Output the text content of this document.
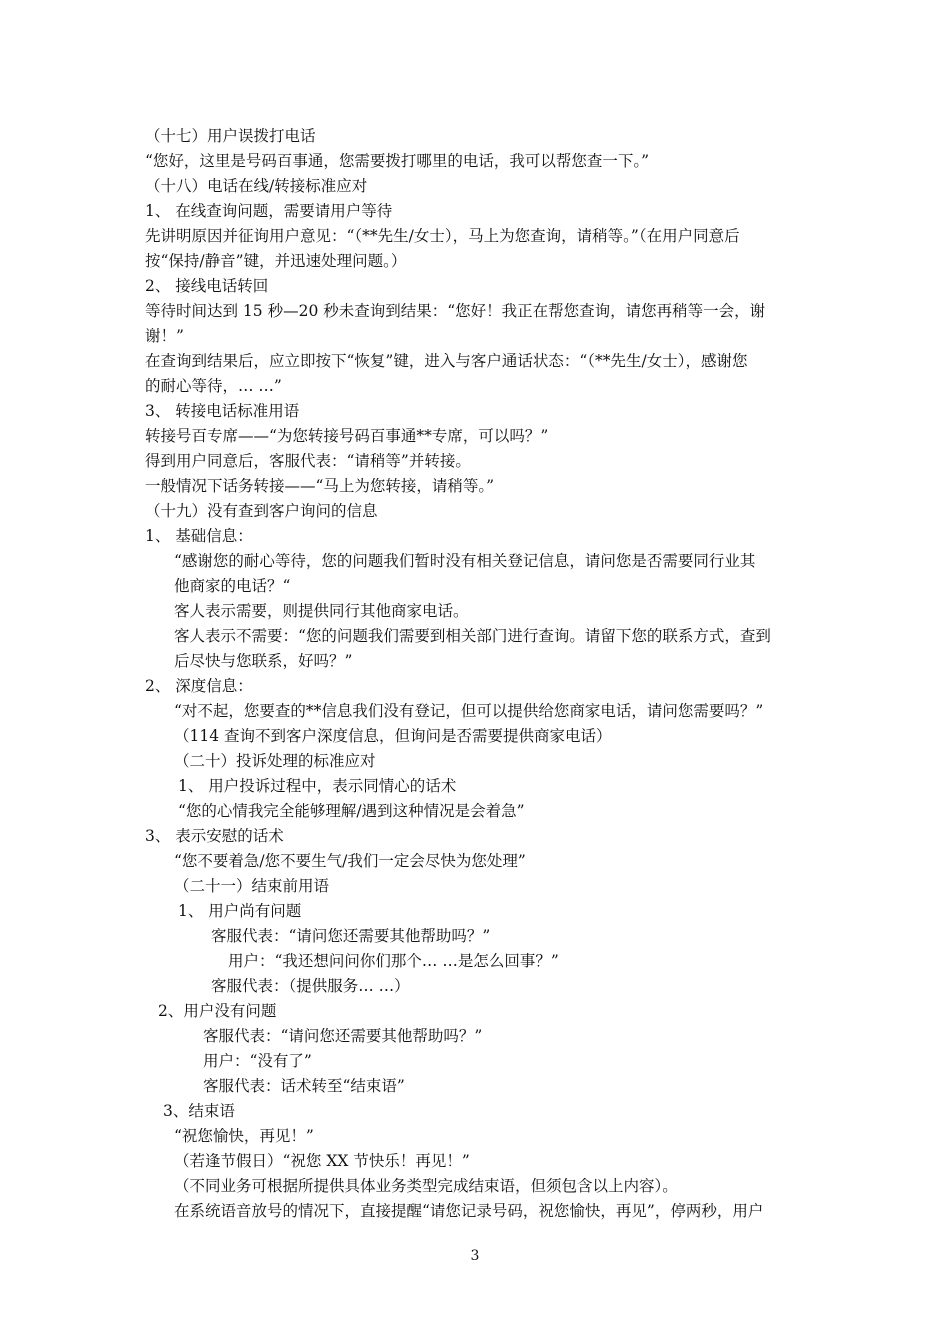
（十七）用户误拨打电话
“您好，这里是号码百事通，您需要拨打哪里的电话，我可以帮您查一下。”
（十八）电话在线/转接标准应对
1、 在线查询问题，需要请用户等待
先讲明原因并征询用户意见：“（**先生/女士），马上为您查询，请稍等。”（在用户同意后
按“保持/静音”键，并迅速处理问题。）
2、 接线电话转回
等待时间达到 15 秒—20 秒未查询到结果：“您好！我正在帮您查询，请您再稍等一会，谢
谢！”
在查询到结果后，应立即按下“恢复”键，进入与客户通话状态：“（**先生/女士），感谢您
的耐心等待，… …”
3、 转接电话标准用语
转接号百专席——“为您转接号码百事通**专席，可以吗？”
得到用户同意后，客服代表：“请稍等”并转接。
一般情况下话务转接——“马上为您转接，请稍等。”
（十九）没有查到客户询问的信息
1、 基础信息：
“感谢您的耐心等待，您的问题我们暂时没有相关登记信息，请问您是否需要同行业其
他商家的电话？“
客人表示需要，则提供同行其他商家电话。
客人表示不需要：“您的问题我们需要到相关部门进行查询。请留下您的联系方式，查到
后尽快与您联系，好吗？”
2、 深度信息：
“对不起，您要查的**信息我们没有登记，但可以提供给您商家电话，请问您需要吗？”
（114 查询不到客户深度信息，但询问是否需要提供商家电话）
（二十）投诉处理的标准应对
1、 用户投诉过程中，表示同情心的话术
“您的心情我完全能够理解/遇到这种情况是会着急”
3、 表示安慰的话术
“您不要着急/您不要生气/我们一定会尽快为您处理”
（二十一）结束前用语
1、 用户尚有问题
客服代表：“请问您还需要其他帮助吗？”
用户：“我还想问问你们那个… …是怎么回事？”
客服代表：（提供服务… …）
2、用户没有问题
客服代表：“请问您还需要其他帮助吗？”
用户：“没有了”
客服代表：话术转至“结束语”
3、结束语
“祝您愉快，再见！”
（若逢节假日）“祝您 XX 节快乐！再见！”
（不同业务可根据所提供具体业务类型完成结束语，但须包含以上内容）。
在系统语音放号的情况下，直接提醒“请您记录号码，祝您愉快，再见”，停两秒，用户
3
